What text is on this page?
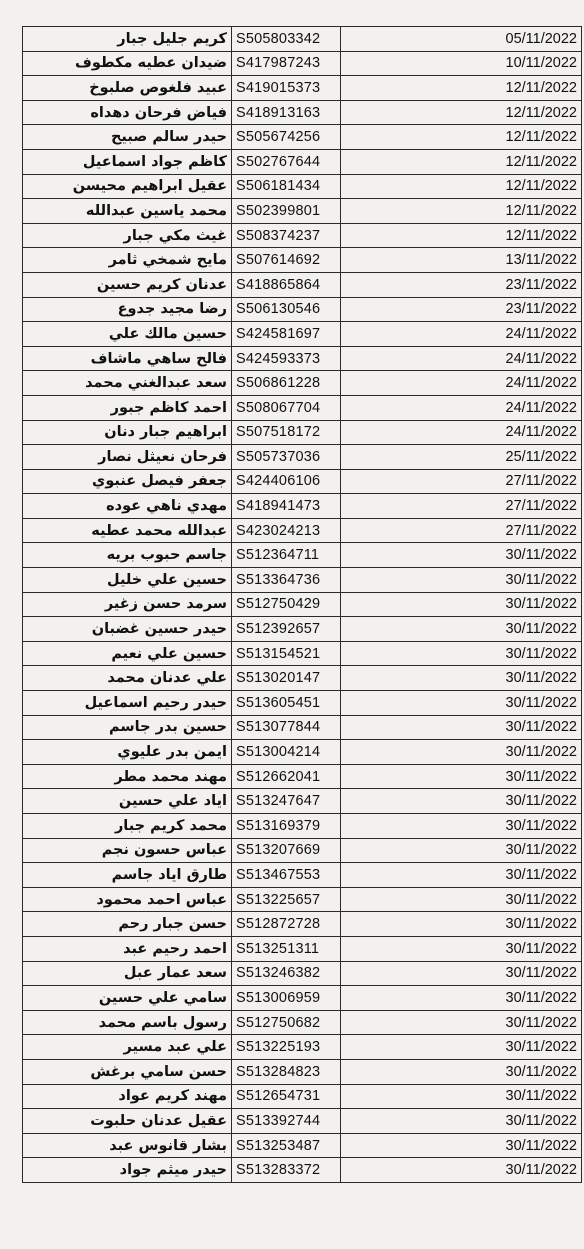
كريم جليل جبار	S505803342	05/11/2022
ضيدان عطيه مكطوف	S417987243	10/11/2022
عبيد فلغوص صلبوخ	S419015373	12/11/2022
فياض فرحان دهداه	S418913163	12/11/2022
حيدر سالم صبيح	S505674256	12/11/2022
كاظم جواد اسماعيل	S502767644	12/11/2022
عقيل ابراهيم محيسن	S506181434	12/11/2022
محمد ياسين عبدالله	S502399801	12/11/2022
غيث مكي جبار	S508374237	12/11/2022
مايح شمخي ثامر	S507614692	13/11/2022
عدنان كريم حسين	S418865864	23/11/2022
رضا مجيد جدوع	S506130546	23/11/2022
حسين مالك علي	S424581697	24/11/2022
فالح ساهي ماشاف	S424593373	24/11/2022
سعد عبدالغني محمد	S506861228	24/11/2022
احمد كاظم جبور	S508067704	24/11/2022
ابراهيم جبار دنان	S507518172	24/11/2022
فرحان نعيثل نصار	S505737036	25/11/2022
جعفر فيصل عنبوي	S424406106	27/11/2022
مهدي ناهي عوده	S418941473	27/11/2022
عبدالله محمد عطيه	S423024213	27/11/2022
جاسم حبوب بريه	S512364711	30/11/2022
حسين علي خليل	S513364736	30/11/2022
سرمد حسن زغير	S512750429	30/11/2022
حيدر حسين غضبان	S512392657	30/11/2022
حسين علي نعيم	S513154521	30/11/2022
علي عدنان محمد	S513020147	30/11/2022
حيدر رحيم اسماعيل	S513605451	30/11/2022
حسين بدر جاسم	S513077844	30/11/2022
ايمن بدر عليوي	S513004214	30/11/2022
مهند محمد مطر	S512662041	30/11/2022
اياد علي حسين	S513247647	30/11/2022
محمد كريم جبار	S513169379	30/11/2022
عباس حسون نجم	S513207669	30/11/2022
طارق اياد جاسم	S513467553	30/11/2022
عباس احمد محمود	S513225657	30/11/2022
حسن جبار رحم	S512872728	30/11/2022
احمد رحيم عبد	S513251311	30/11/2022
سعد عمار عبل	S513246382	30/11/2022
سامي علي حسين	S513006959	30/11/2022
رسول باسم محمد	S512750682	30/11/2022
علي عبد مسير	S513225193	30/11/2022
حسن سامي برغش	S513284823	30/11/2022
مهند كريم عواد	S512654731	30/11/2022
عقيل عدنان حلبوت	S513392744	30/11/2022
بشار قانوس عبد	S513253487	30/11/2022
حيدر ميثم جواد	S513283372	30/11/2022
